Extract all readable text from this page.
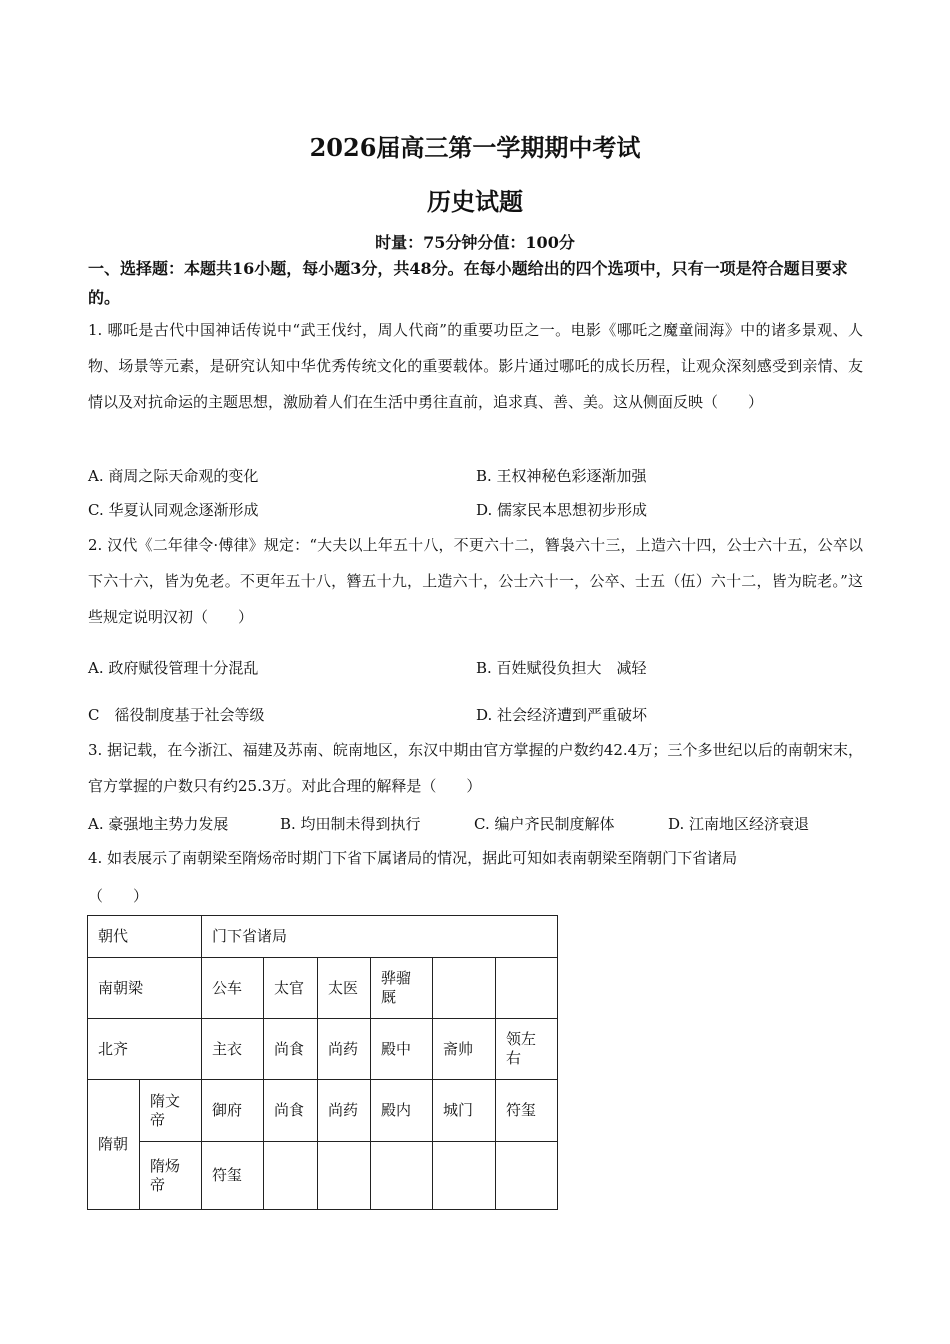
2026届高三第一学期期中考试
历史试题
时量：75分钟分值：100分
一、选择题：本题共16小题，每小题3分，共48分。在每小题给出的四个选项中，只有一项是符合题目要求的。
1. 哪吒是古代中国神话传说中“武王伐纣，周人代商”的重要功臣之一。电影《哪吒之魔童闹海》中的诸多景观、人物、场景等元素，是研究认知中华优秀传统文化的重要载体。影片通过哪吒的成长历程，让观众深刻感受到亲情、友情以及对抗命运的主题思想，激励着人们在生活中勇往直前，追求真、善、美。这从侧面反映（　　）
A. 商周之际天命观的变化	B. 王权神秘色彩逐渐加强
C. 华夏认同观念逐渐形成	D. 儒家民本思想初步形成
2. 汉代《二年律令·傅律》规定：“大夫以上年五十八，不更六十二，簪袅六十三，上造六十四，公士六十五，公卒以下六十六，皆为免老。不更年五十八，簪五十九，上造六十，公士六十一，公卒、士五（伍）六十二，皆为睆老。”这些规定说明汉初（　　）
A. 政府赋役管理十分混乱	B. 百姓赋役负担大　减轻
C　徭役制度基于社会等级	D. 社会经济遭到严重破坏
3. 据记载，在今浙江、福建及苏南、皖南地区，东汉中期由官方掌握的户数约42.4万；三个多世纪以后的南朝宋末，官方掌握的户数只有约25.3万。对此合理的解释是（　　）
A. 豪强地主势力发展	B. 均田制未得到执行	C. 编户齐民制度解体	D. 江南地区经济衰退
4. 如表展示了南朝梁至隋炀帝时期门下省下属诸局的情况，据此可知如表南朝梁至隋朝门下省诸局
（　　）
朝代		门下省诸局					
南朝梁		公车	太官	太医	骅骝厩		
北齐		主衣	尚食	尚药	殿中	斋帅	领左右
隋朝	隋文帝	御府	尚食	尚药	殿内	城门	符玺
	隋炀帝	符玺					
